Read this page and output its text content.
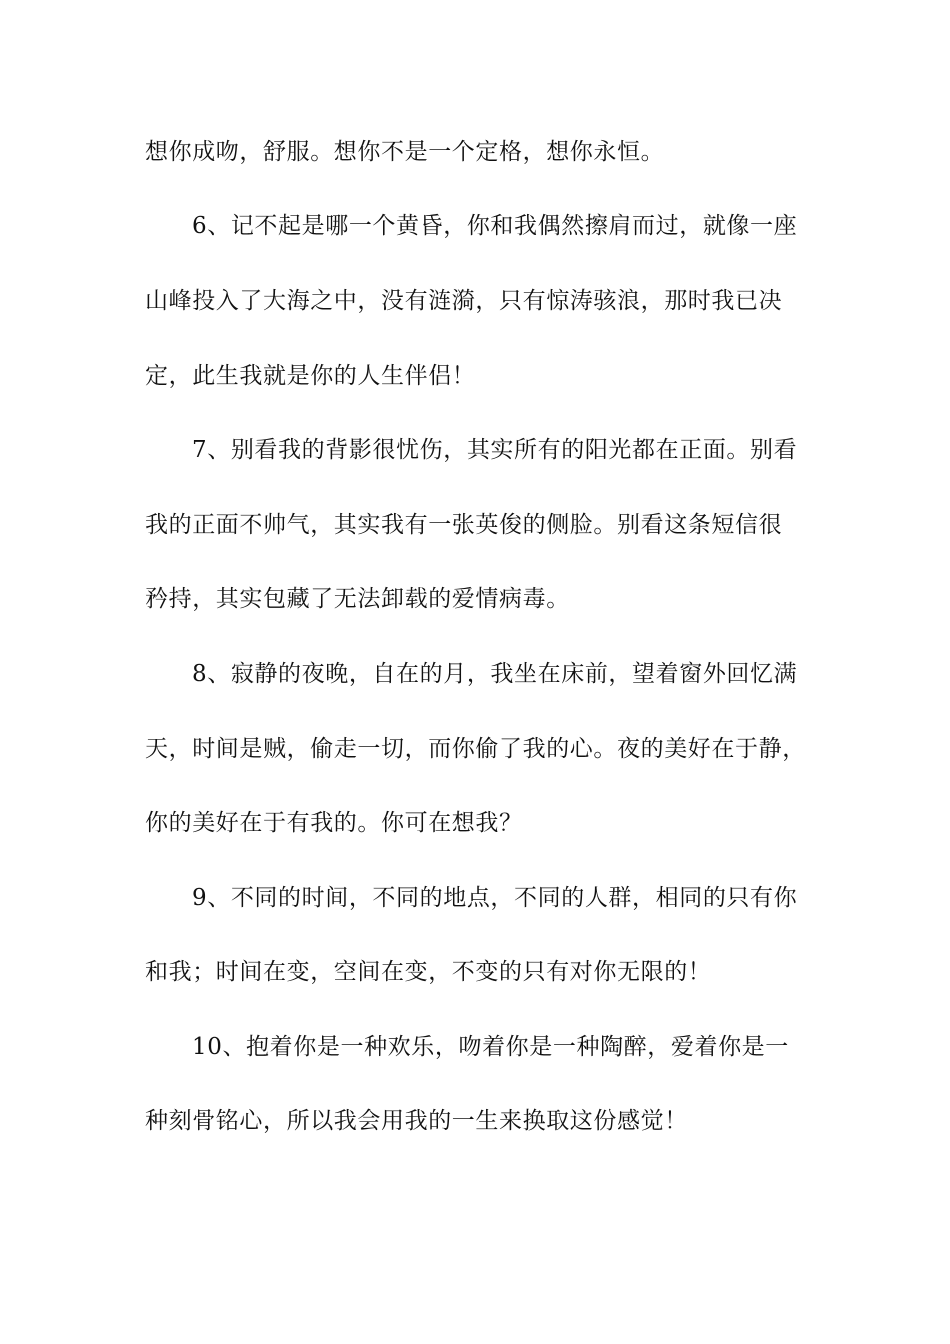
想你成吻，舒服。想你不是一个定格，想你永恒。
6、记不起是哪一个黄昏，你和我偶然擦肩而过，就像一座
山峰投入了大海之中，没有涟漪，只有惊涛骇浪，那时我已决
定，此生我就是你的人生伴侣！
7、别看我的背影很忧伤，其实所有的阳光都在正面。别看
我的正面不帅气，其实我有一张英俊的侧脸。别看这条短信很
矜持，其实包藏了无法卸载的爱情病毒。
8、寂静的夜晚，自在的月，我坐在床前，望着窗外回忆满
天，时间是贼，偷走一切，而你偷了我的心。夜的美好在于静，
你的美好在于有我的。你可在想我？
9、不同的时间，不同的地点，不同的人群，相同的只有你
和我；时间在变，空间在变，不变的只有对你无限的！
10、抱着你是一种欢乐，吻着你是一种陶醉，爱着你是一
种刻骨铭心，所以我会用我的一生来换取这份感觉！
